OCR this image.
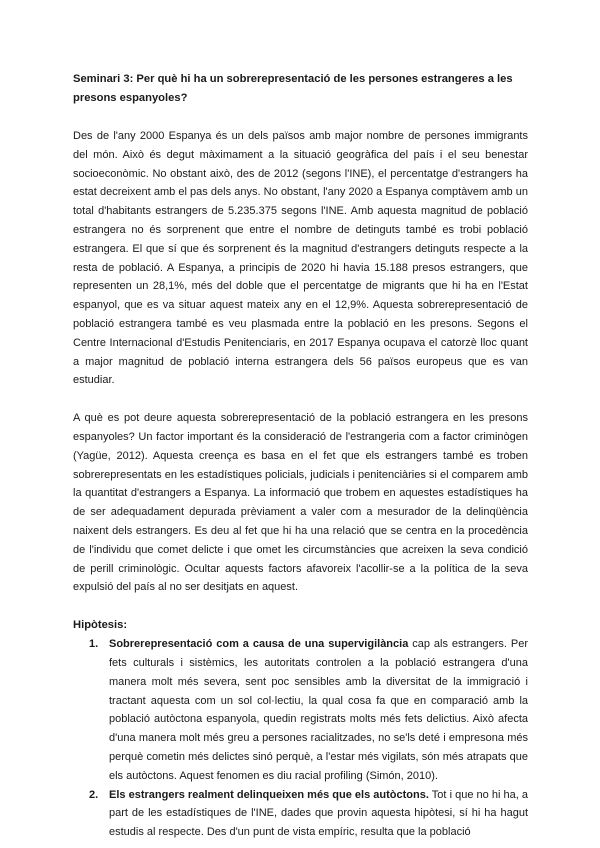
Seminari 3: Per què hi ha un sobrerepresentació de les persones estrangeres a les presons espanyoles?

Des de l'any 2000 Espanya és un dels països amb major nombre de persones immigrants del món. Això és degut màximament a la situació geogràfica del país i el seu benestar socioeconòmic. No obstant això, des de 2012 (segons l'INE), el percentatge d'estrangers ha estat decreixent amb el pas dels anys. No obstant, l'any 2020 a Espanya comptàvem amb un total d'habitants estrangers de 5.235.375 segons l'INE. Amb aquesta magnitud de població estrangera no és sorprenent que entre el nombre de detinguts també es trobi població estrangera. El que sí que és sorprenent és la magnitud d'estrangers detinguts respecte a la resta de població. A Espanya, a principis de 2020 hi havia 15.188 presos estrangers, que representen un 28,1%, més del doble que el percentatge de migrants que hi ha en l'Estat espanyol, que es va situar aquest mateix any en el 12,9%. Aquesta sobrerepresentació de població estrangera també es veu plasmada entre la població en les presons. Segons el Centre Internacional d'Estudis Penitenciaris, en 2017 Espanya ocupava el catorzè lloc quant a major magnitud de població interna estrangera dels 56 països europeus que es van estudiar.

A què es pot deure aquesta sobrerepresentació de la població estrangera en les presons espanyoles? Un factor important és la consideració de l'estrangeria com a factor criminògen (Yagüe, 2012). Aquesta creença es basa en el fet que els estrangers també es troben sobrerepresentats en les estadístiques policials, judicials i penitenciàries si el comparem amb la quantitat d'estrangers a Espanya. La informació que trobem en aquestes estadístiques ha de ser adequadament depurada prèviament a valer com a mesurador de la delinqüència naixent dels estrangers. Es deu al fet que hi ha una relació que se centra en la procedència de l'individu que comet delicte i que omet les circumstàncies que acreixen la seva condició de perill criminològic. Ocultar aquests factors afavoreix l'acollir-se a la política de la seva expulsió del país al no ser desitjats en aquest.

Hipòtesis:

1. Sobrerepresentació com a causa de una supervigilància cap als estrangers. Per fets culturals i sistèmics, les autoritats controlen a la població estrangera d'una manera molt més severa, sent poc sensibles amb la diversitat de la immigració i tractant aquesta com un sol col·lectiu, la qual cosa fa que en comparació amb la població autòctona espanyola, quedin registrats molts més fets delictius. Això afecta d'una manera molt més greu a persones racialitzades, no se'ls deté i empresona més perquè cometin més delictes sinó perquè, a l'estar més vigilats, són més atrapats que els autòctons. Aquest fenomen es diu racial profiling (Simón, 2010).
2. Els estrangers realment delinqueixen més que els autòctons. Tot i que no hi ha, a part de les estadístiques de l'INE, dades que provin aquesta hipòtesi, sí hi ha hagut estudis al respecte. Des d'un punt de vista empíric, resulta que la població
